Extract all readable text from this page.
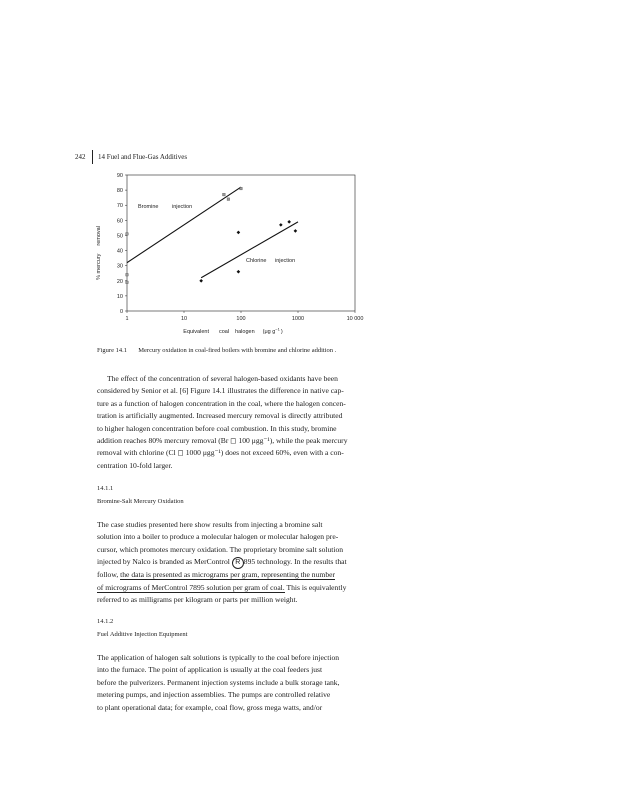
242 14 Fuel and Flue-Gas Additives
0
10
20
30
40
50
60
70
80
90
1	10	100	1000	10 000
Equivalent coal halogen (μg $g^{-1}$)
% mercuryremoval
Bromine injection
Chlorine injection
Figure 14.1 Mercury oxidation in coal-fired boilers with bromine and chlorine addition .
The effect of the concentration of several halogen-based oxidants have been
considered by Senior et al. [6] Figure 14.1 illustrates the difference in native cap-
ture as a function of halogen concentration in the coal, where the halogen concen-
tration is artificially augmented. Increased mercury removal is directly attributed
to higher halogen concentration before coal combustion. In this study, bromine
addition reaches 80% mercury removal (Br ◻ 100 μgg⁻¹), while the peak mercury
removal with chlorine (Cl ◻ 1000 μgg⁻¹) does not exceed 60%, even with a con-
centration 10-fold larger.
14.1.1
Bromine-Salt Mercury Oxidation
The case studies presented here show results from injecting a bromine salt
solution into a boiler to produce a molecular halogen or molecular halogen pre-
cursor, which promotes mercury oxidation. The proprietary bromine salt solution
injected by Nalco is branded as MerControl R 895 technology. In the results that
follow, the data is presented as micrograms per gram, representing the number
of micrograms of MerControl 7895 solution per gram of coal. This is equivalently
referred to as milligrams per kilogram or parts per million weight.
14.1.2
Fuel Additive Injection Equipment
The application of halogen salt solutions is typically to the coal before injection
into the furnace. The point of application is usually at the coal feeders just
before the pulverizers. Permanent injection systems include a bulk storage tank,
metering pumps, and injection assemblies. The pumps are controlled relative
to plant operational data; for example, coal flow, gross mega watts, and/or
